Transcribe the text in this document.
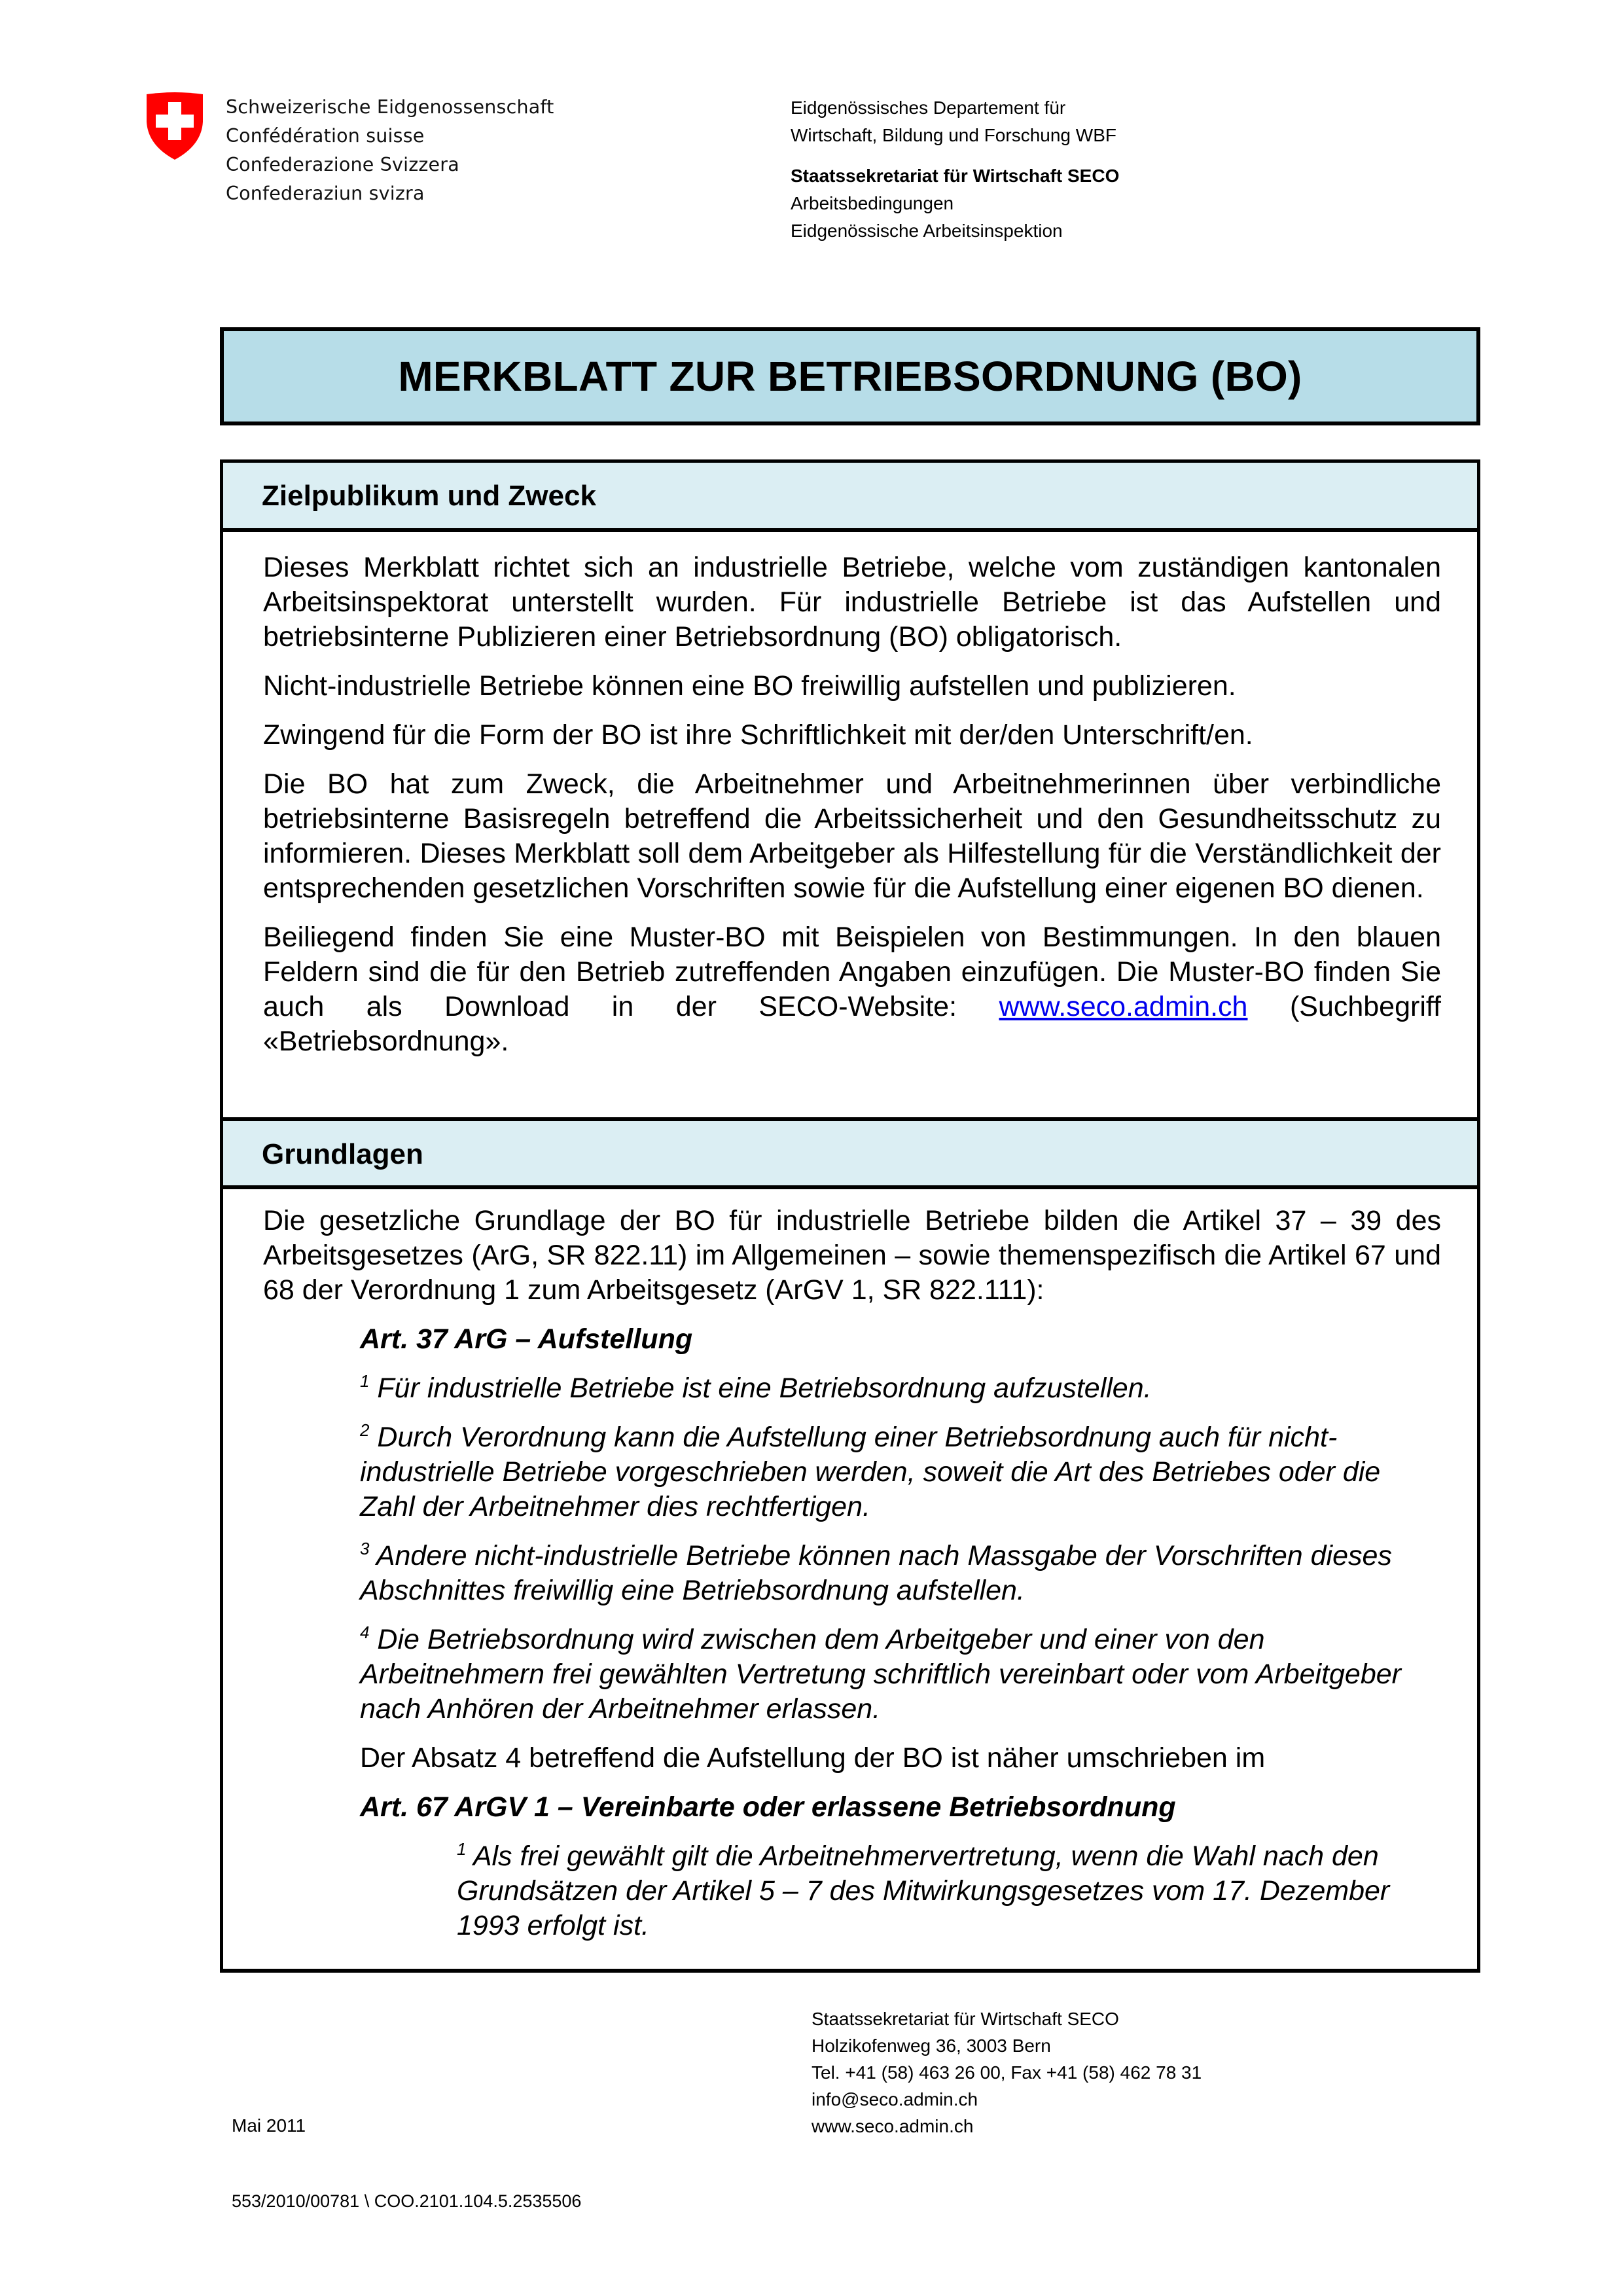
Schweizerische Eidgenossenschaft
Confédération suisse
Confederazione Svizzera
Confederaziun svizra
Eidgenössisches Departement für
Wirtschaft, Bildung und Forschung WBF
Staatssekretariat für Wirtschaft SECO
Arbeitsbedingungen
Eidgenössische Arbeitsinspektion
MERKBLATT ZUR BETRIEBSORDNUNG (BO)
Zielpublikum und Zweck

Dieses Merkblatt richtet sich an industrielle Betriebe, welche vom zuständigen kantonalen Arbeitsinspektorat unterstellt wurden. Für industrielle Betriebe ist das Aufstellen und betriebsinterne Publizieren einer Betriebsordnung (BO) obligatorisch.

Nicht-industrielle Betriebe können eine BO freiwillig aufstellen und publizieren.

Zwingend für die Form der BO ist ihre Schriftlichkeit mit der/den Unterschrift/en.

Die BO hat zum Zweck, die Arbeitnehmer und Arbeitnehmerinnen über verbindliche betriebsinterne Basisregeln betreffend die Arbeitssicherheit und den Gesundheitsschutz zu informieren. Dieses Merkblatt soll dem Arbeitgeber als Hilfestellung für die Verständlichkeit der entsprechenden gesetzlichen Vorschriften sowie für die Aufstellung einer eigenen BO dienen.

Beiliegend finden Sie eine Muster-BO mit Beispielen von Bestimmungen. In den blauen Feldern sind die für den Betrieb zutreffenden Angaben einzufügen. Die Muster-BO finden Sie auch als Download in der SECO-Website: www.seco.admin.ch (Suchbegriff «Betriebsordnung».

Grundlagen

Die gesetzliche Grundlage der BO für industrielle Betriebe bilden die Artikel 37 – 39 des Arbeitsgesetzes (ArG, SR 822.11) im Allgemeinen – sowie themenspezifisch die Artikel 67 und 68 der Verordnung 1 zum Arbeitsgesetz (ArGV 1, SR 822.111):

Art. 37 ArG – Aufstellung

$^1$ Für industrielle Betriebe ist eine Betriebsordnung aufzustellen.

$^2$ Durch Verordnung kann die Aufstellung einer Betriebsordnung auch für nicht-industrielle Betriebe vorgeschrieben werden, soweit die Art des Betriebes oder die Zahl der Arbeitnehmer dies rechtfertigen.

$^3$ Andere nicht-industrielle Betriebe können nach Massgabe der Vorschriften dieses Abschnittes freiwillig eine Betriebsordnung aufstellen.

$^4$ Die Betriebsordnung wird zwischen dem Arbeitgeber und einer von den Arbeitnehmern frei gewählten Vertretung schriftlich vereinbart oder vom Arbeitgeber nach Anhören der Arbeitnehmer erlassen.

Der Absatz 4 betreffend die Aufstellung der BO ist näher umschrieben im

Art. 67 ArGV 1 – Vereinbarte oder erlassene Betriebsordnung

$^1$ Als frei gewählt gilt die Arbeitnehmervertretung, wenn die Wahl nach den Grundsätzen der Artikel 5 – 7 des Mitwirkungsgesetzes vom 17. Dezember 1993 erfolgt ist.

Staatssekretariat für Wirtschaft SECO
Holzikofenweg 36, 3003 Bern
Tel. +41 (58) 463 26 00, Fax +41 (58) 462 78 31
info@seco.admin.ch
www.seco.admin.ch
Mai 2011
553/2010/00781 \ COO.2101.104.5.2535506
